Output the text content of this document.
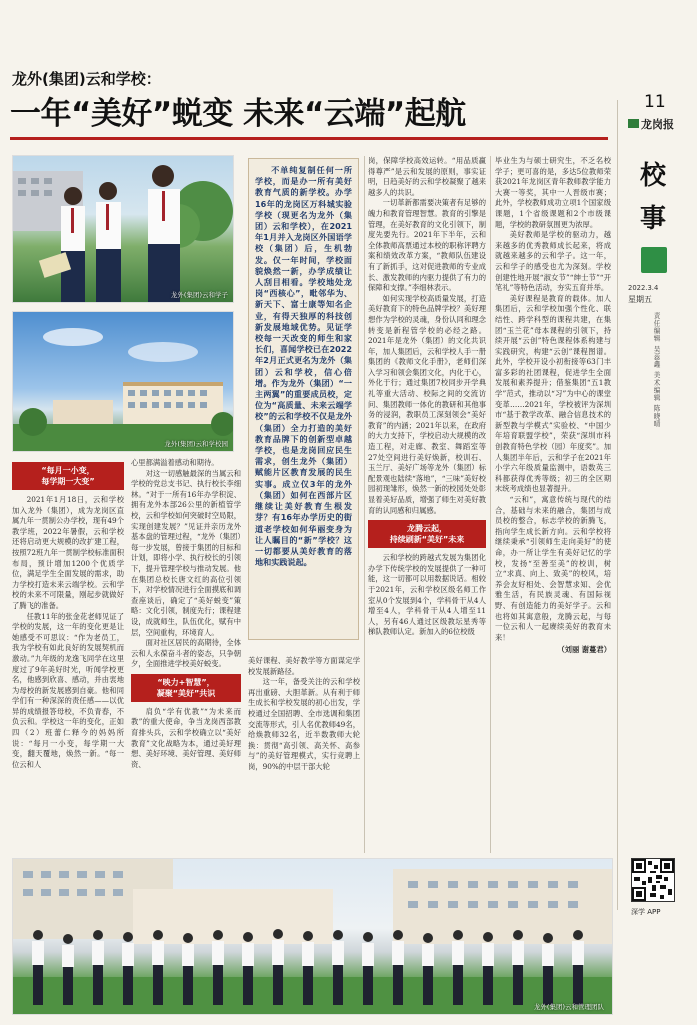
龙外(集团)云和学校：
一年“美好”蜕变 未来“云端”起航	11
龙岗报
校
事
2022.3.4
星期五
责任编辑 吴蕊鑫 美术编辑 陈晓晴
深学 APP
龙外(集团)云和学子
龙外(集团)云和学校园
不单纯复制任何一所学校，而是办一所有美好教育气质的新学校。办学16年的龙岗区万科城实验学校（现更名为龙外（集团）云和学校），在2021年1月并入龙岗区外国语学校（集团）后，生机勃发。仅一年时间，学校面貌焕然一新，办学成绩让人刮目相看。学校地处龙岗“西核心”，毗邻华为、新天下、富士康等知名企业，有得天独厚的科技创新发展地域优势。见证学校每一天改变的师生和家长们，喜闻学校已在2022年2月正式更名为龙外（集团）云和学校，信心倍增。作为龙外（集团）“一主两翼”的重要成员校，定位为“高质量、未来云端学校”的云和学校不仅是龙外（集团）全力打造的美好教育品牌下的创新型卓越学校，也是龙岗回应民生需求，创生龙外（集团）赋能片区教育发展的民生实事。成立仅3年的龙外（集团）如何在西部片区继续让美好教育生根发芽？有16年办学历史的街道老学校如何华丽变身为让人瞩目的“新”学校？这一切都要从美好教育的落地和实践说起。
“每月一小变，
每学期一大变”

2021年1月18日，云和学校加入龙外（集团），成为龙岗区直属九年一贯制公办学校，现有49个教学班，2022年暑假，云和学校还将启动更大规模的改扩建工程，按照72班九年一贯制学校标准面积布局，预计增加1200个优质学位，满足学生全面发展的需求，助力学校打造未来云端学校。云和学校的未来不可限量，刚起步就做好了腾飞的准备。

任教11年的张金花老师见证了学校的发展，这一年的变化更是让她感受不可思议：“作为老员工，我为学校有如此良好的发展契机而激动。”九年级的龙逸飞同学在这里度过了9年美好时光，听闻学校更名，他感到欣喜、感动，并由衷地为母校的新发展感到自豪。他和同学们有一种深深的责任感——以优异的成绩报答母校，不负青春，不负云和。学校这一年的变化，正如四（2）班蕾仁释今的妈妈所说：“每月一小变，每学期一大变，翻天覆地，焕然一新。“每一位云和人

心里都满溢着感动和期待。

对这一切感触最深的当属云和学校的党总支书记、执行校长李细林。“对于一所有16年办学积淀、拥有龙外本部26公里的新植管学校，云和学校如何突破时空局限，实现创建发展？”见证并亲历龙外基本盘的管理过程，“龙外（集团）每一步发展，曾接于集团的目标和计划，即将小学、执行校长的引领下，提升管理学校与推动发展。他在集团总校长唐文红的高位引领下，对学校情况进行全面摸底和调查座谈后，确定了“美好蜕变”策略：文化引领，制度先行；课程建设，成就师生，队伍优化，赋有中层，空间重构，环境育人。

面对社区居民的高期待，全体云和人永葆奋斗者的姿态，只争朝夕，全面推进学校美好蜕变。

“映力+智慧”，
凝聚“美好”共识

肩负“学有优教”“为未来而教”的重大使命，争当龙岗西部教育排头兵，云和学校确立以“美好教育”文化战略为本，通过美好理想、美好环境、美好管理、美好师资、

美好课程、美好教学等方面谋定学校发展新路径。

这一年，备受关注的云和学校再出重磅、大胆革新。从有利于师生成长和学校发展的初心出发，学校通过全国招聘、全市选调和集团交流等形式，引人名优教师49名，给焕教师32名，近半数教师大轮换：贯彻“高引领、高关怀、高参与”的美好管理模式，实行竞聘上岗，90%的中层干部大轮

岗，保障学校高效运转。“用品质赢得尊严”是云和发展的原则，事实证明，日趋美好的云和学校凝聚了越来越多人的共识。

一切革新都需要决策者有足够的魄力和教育管理智慧。教育的引擎是管理，在美好教育的文化引领下，制度先要先行。2021年下半年，云和全体教师高票通过本校的职称评聘方案和绩效改革方案，“教师队伍建设有了新抓手，这对促进教师的专业成长、激发教师的内驱力提供了有力的保障和支撑。”李细林表示。

如何实现学校高质量发展，打造美好教育下的特色品牌学校？美好理想作为学校的灵魂，身份认同和理念转变是新程管学校的必经之路。2021年是龙外（集团）的文化共识年，加人集团后，云和学校人手一册集团的《教师文化手册》，老师们深入学习和领会集团文化，内化于心，外化于行；通过集团7校同步开学典礼等重大活动、校际之间的交流访问、集团教师一体化的教研和其他事务的浸润，教职员工深刻领会“美好教育”的内涵；2021年以来，在政府的大力支持下，学校启动大规模的改造工程，对走廊、教室、舞蹈室等27处空间进行美好焕新，校训石、玉兰厅、美好广场等龙外（集团）标配景观也陆续“落地”，“三味”美好校园初现雏形，焕然一新的校园处处彰显着美好品质，增强了师生对美好教育的认同感和归属感。

龙腾云起，
持续刷新“美好”未来

云和学校的跨越式发展为集团化办学下传统学校的发展提供了一种可能，这一切都可以用数据说话。相较于2021年，云和学校区级名师工作室从0个发展到4个，学科骨干从4人增至4人，学科骨干从4人增至11人，另有46人通过区级教坛星秀等梯队教师认定。新加入的6位校级

毕业生为与硕士研究生，不乏名校学子；更可喜的是，多达5位教师荣获2021年龙岗区青年教师教学能力大赛一等奖，其中一人晋级市赛；此外，学校教师成功立项1个国家级课题，1个省级课题和2个市级课题，学校的教研氛围更为浓厚。

美好教师是学校的驱动力，越来越多的优秀教师成长起来，将成就越来越多的云和学子。这一年，云和学子的感受也尤为深刻。学校创建性地开展“淑女节”“绅士节”“开笔礼”等特色活动，夯实五育并举。

美好课程是教育的载体。加人集团后，云和学校加强个性化、联结性、跨学科型的课程共建，在集团“玉兰花”母本课程的引领下，持续开展“云创”特色课程体系构建与实践研究，构建“云创”课程图谱。此外，学校开设小初衔接等63门丰富多彩的社团课程，促进学生全面发展和素养提升；借鉴集团“五1教学”范式，推动以“习”为中心的课堂变革……2021年，学校被评为深圳市“基于教学改革、融合信息技术的新型教与学模式”实验校、“中国少年培育联盟学校”，荣获“深圳市科创教育特色学校（园）年度奖”。加人集团半年后，云和学子在2021年小学六年级质量监测中，语数英三科都获得优秀等级；初三的全区期末统考成绩也显著提升。

“云和”，寓意传统与现代的结合，基础与未来的融合，集团与成员校的整合，标志学校的新腾飞，指向学生成长新方向。云和学校将继续秉承“引领师生走向美好”的使命，办一所让学生有美好记忆的学校，发扬“至善至美”的校训，树立“求真、向上、致美”的校风，培养会友好相处、会智慧求知、会优雅生活，有民族灵魂、有国际视野、有创造能力的美好学子。云和也将如其寓意般，龙腾云起，与每一位云和人一起赓续美好的教育未来！

（刘丽 谢蔓君）
龙外(集团)云和管理团队
